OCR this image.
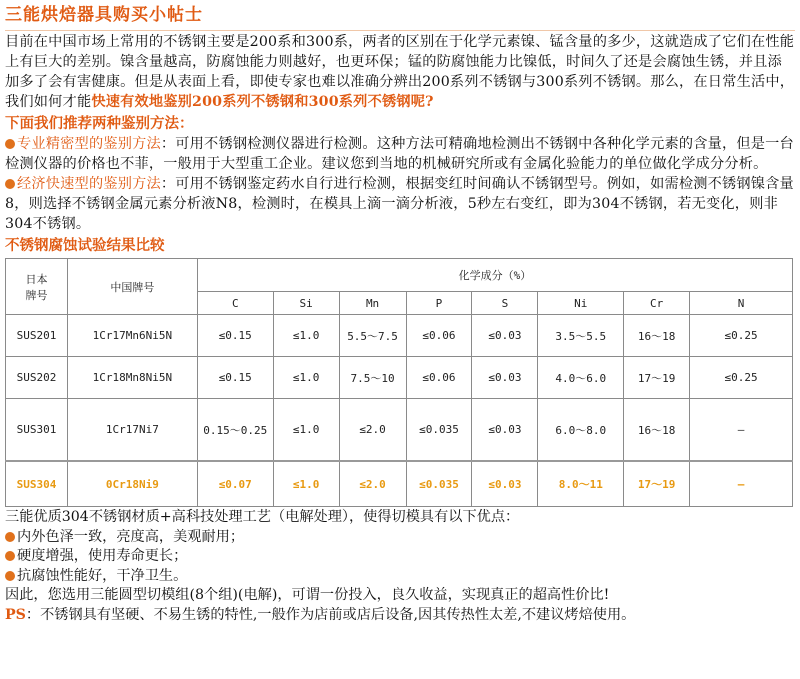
三能烘焙器具购买小帖士

目前在中国市场上常用的不锈钢主要是200系和300系，两者的区别在于化学元素镍、锰含量的多少，这就造成了它们在性能上有巨大的差别。镍含量越高，防腐蚀能力则越好，也更环保；锰的防腐蚀能力比镍低，时间久了还是会腐蚀生锈，并且添加多了会有害健康。但是从表面上看，即使专家也难以准确分辨出200系列不锈钢与300系列不锈钢。那么，在日常生活中，我们如何才能快速有效地鉴别200系列不锈钢和300系列不锈钢呢?

下面我们推荐两种鉴别方法：

专业精密型的鉴别方法：可用不锈钢检测仪器进行检测。这种方法可精确地检测出不锈钢中各种化学元素的含量，但是一台检测仪器的价格也不菲，一般用于大型重工企业。建议您到当地的机械研究所或有金属化验能力的单位做化学成分分析。

经济快速型的鉴别方法：可用不锈钢鉴定药水自行进行检测，根据变红时间确认不锈钢型号。例如，如需检测不锈钢镍含量8，则选择不锈钢金属元素分析液N8，检测时，在模具上滴一滴分析液，5秒左右变红，即为304不锈钢，若无变化，则非304不锈钢。

不锈钢腐蚀试验结果比较
日本
牌号	中国牌号	化学成分（%）							
		C	Si	Mn	P	S	Ni	Cr	N
SUS201	1Cr17Mn6Ni5N	≤0.15	≤1.0	5.5～7.5	≤0.06	≤0.03	3.5～5.5	16～18	≤0.25
SUS202	1Cr18Mn8Ni5N	≤0.15	≤1.0	7.5～10	≤0.06	≤0.03	4.0～6.0	17～19	≤0.25
SUS301	1Cr17Ni7	0.15～0.25	≤1.0	≤2.0	≤0.035	≤0.03	6.0～8.0	16～18	—
SUS304	0Cr18Ni9	≤0.07	≤1.0	≤2.0	≤0.035	≤0.03	8.0～11	17～19	—

三能优质304不锈钢材质+高科技处理工艺（电解处理），使得切模具有以下优点：

内外色泽一致，亮度高，美观耐用；

硬度增强，使用寿命更长；

抗腐蚀性能好，干净卫生。

因此，您选用三能圆型切模组(8个组)(电解)，可谓一份投入，良久收益，实现真正的超高性价比!

PS：不锈钢具有坚硬、不易生锈的特性,一般作为店前或店后设备,因其传热性太差,不建议烤焙使用。
